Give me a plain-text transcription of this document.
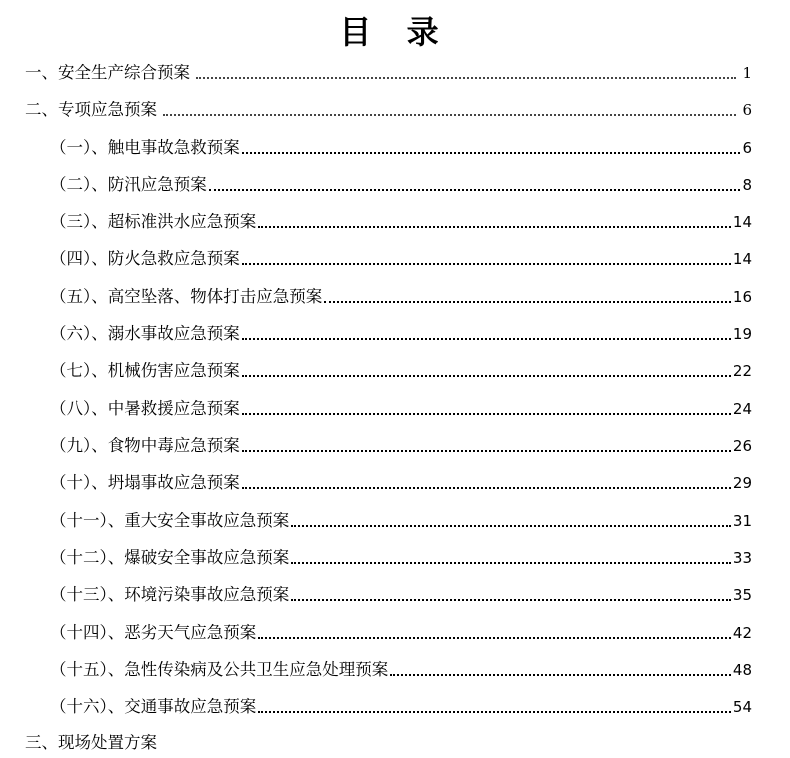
目 录
一、安全生产综合预案	1
二、专项应急预案	6
（一）、触电事故急救预案	6
（二）、防汛应急预案	8
（三）、超标准洪水应急预案	14
（四）、防火急救应急预案	14
（五）、高空坠落、物体打击应急预案	16
（六）、溺水事故应急预案	19
（七）、机械伤害应急预案	22
（八）、中暑救援应急预案	24
（九）、食物中毒应急预案	26
（十）、坍塌事故应急预案	29
（十一）、重大安全事故应急预案	31
（十二）、爆破安全事故应急预案	33
（十三）、环境污染事故应急预案	35
（十四）、恶劣天气应急预案	42
（十五）、急性传染病及公共卫生应急处理预案	48
（十六）、交通事故应急预案	54
三、现场处置方案
